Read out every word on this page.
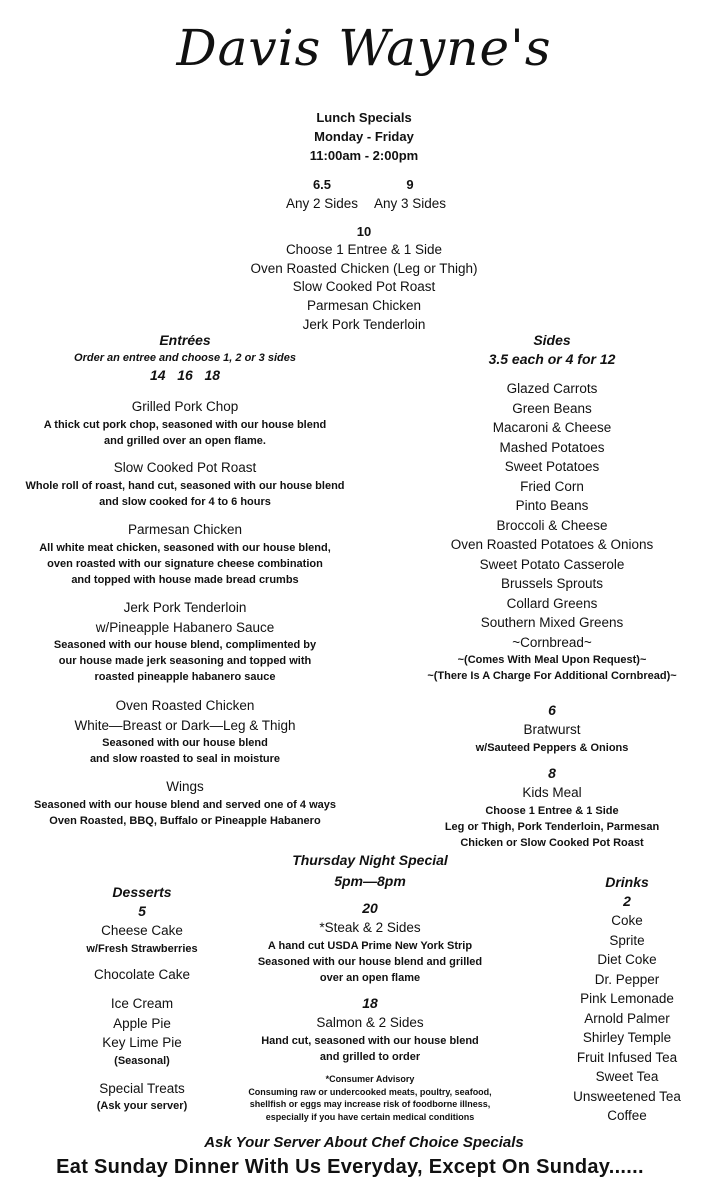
Davis Wayne's
Lunch Specials
Monday - Friday
11:00am - 2:00pm
6.5
Any 2 Sides
9
Any 3 Sides
10
Choose 1 Entree & 1 Side
Oven Roasted Chicken (Leg or Thigh)
Slow Cooked Pot Roast
Parmesan Chicken
Jerk Pork Tenderloin
Entrées
Order an entree and choose 1, 2 or 3 sides
14   16   18
Grilled Pork Chop
A thick cut pork chop, seasoned with our house blend
and grilled over an open flame.
Slow Cooked Pot Roast
Whole roll of roast, hand cut, seasoned with our house blend
and slow cooked for 4 to 6 hours
Parmesan Chicken
All white meat chicken, seasoned with our house blend,
oven roasted with our signature cheese combination
and topped with house made bread crumbs
Jerk Pork Tenderloin
w/Pineapple Habanero Sauce
Seasoned with our house blend, complimented by
our house made jerk seasoning and topped with
roasted pineapple habanero sauce
Oven Roasted Chicken
White—Breast or Dark—Leg & Thigh
Seasoned with our house blend
and slow roasted to seal in moisture
Wings
Seasoned with our house blend and served one of 4 ways
Oven Roasted, BBQ, Buffalo or Pineapple Habanero
Sides
3.5 each or 4 for 12
Glazed Carrots
Green Beans
Macaroni & Cheese
Mashed Potatoes
Sweet Potatoes
Fried Corn
Pinto Beans
Broccoli & Cheese
Oven Roasted Potatoes & Onions
Sweet Potato Casserole
Brussels Sprouts
Collard Greens
Southern Mixed Greens
~Cornbread~
~(Comes With Meal Upon Request)~
~(There Is A Charge For Additional Cornbread)~
6
Bratwurst
w/Sauteed Peppers & Onions
8
Kids Meal
Choose 1 Entree & 1 Side
Leg or Thigh, Pork Tenderloin, Parmesan
Chicken or Slow Cooked Pot Roast
Thursday Night Special
5pm—8pm
20
*Steak & 2 Sides
A hand cut USDA Prime New York Strip
Seasoned with our house blend and grilled
over an open flame
18
Salmon & 2 Sides
Hand cut, seasoned with our house blend
and grilled to order
*Consumer Advisory
Consuming raw or undercooked meats, poultry, seafood,
shellfish or eggs may increase risk of foodborne illness,
especially if you have certain medical conditions
Desserts
5
Cheese Cake
w/Fresh Strawberries
Chocolate Cake
Ice Cream
Apple Pie
Key Lime Pie
(Seasonal)
Special Treats
(Ask your server)
Drinks
2
Coke
Sprite
Diet Coke
Dr. Pepper
Pink Lemonade
Arnold Palmer
Shirley Temple
Fruit Infused Tea
Sweet Tea
Unsweetened Tea
Coffee
Ask Your Server About Chef Choice Specials
Eat Sunday Dinner With Us Everyday, Except On Sunday......
